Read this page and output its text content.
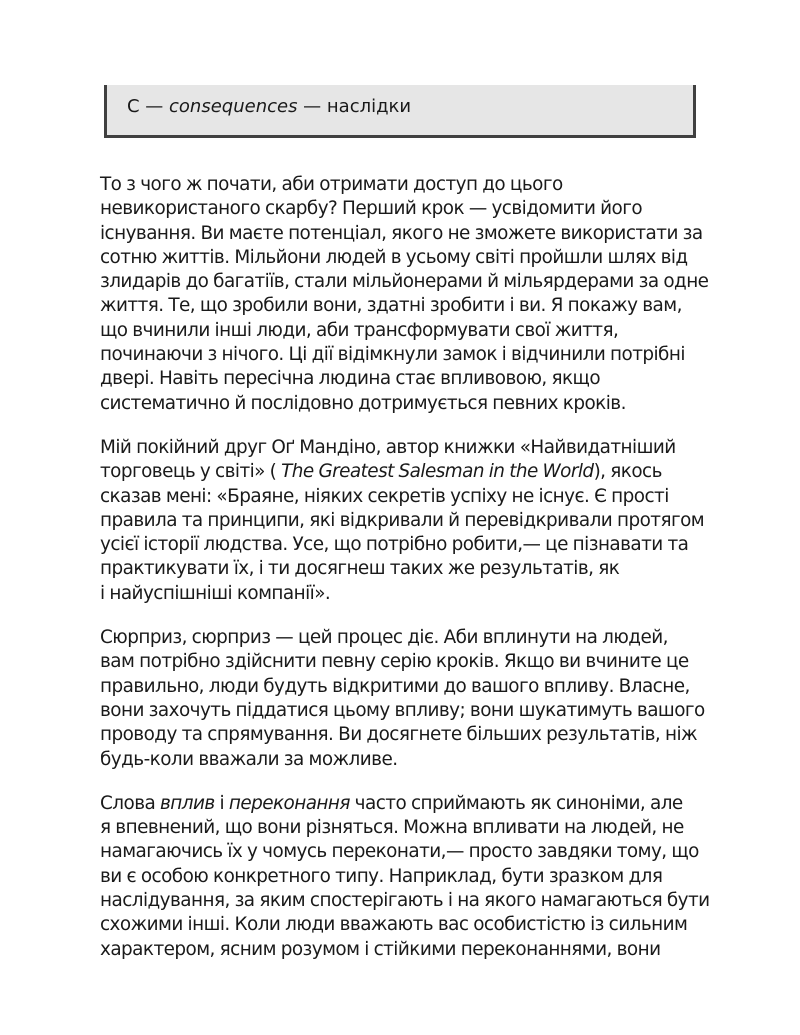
С — consequences — наслідки

То з чого ж почати, аби отримати доступ до цього
невикористаного скарбу? Перший крок — усвідомити його
існування. Ви маєте потенціал, якого не зможете використати за
сотню життів. Мільйони людей в усьому світі пройшли шлях від
злидарів до багатіїв, стали мільйонерами й мільярдерами за одне
життя. Те, що зробили вони, здатні зробити і ви. Я покажу вам,
що вчинили інші люди, аби трансформувати свої життя,
починаючи з нічого. Ці дії відімкнули замок і відчинили потрібні
двері. Навіть пересічна людина стає впливовою, якщо
систематично й послідовно дотримується певних кроків.

Мій покійний друг Оґ Мандіно, автор книжки «Найвидатніший
торговець у світі» ( The Greatest Salesman in the World), якось
сказав мені: «Браяне, ніяких секретів успіху не існує. Є прості
правила та принципи, які відкривали й перевідкривали протягом
усієї історії людства. Усе, що потрібно робити,— це пізнавати та
практикувати їх, і ти досягнеш таких же результатів, як
і найуспішніші компанії».

Сюрприз, сюрприз — цей процес діє. Аби вплинути на людей,
вам потрібно здійснити певну серію кроків. Якщо ви вчините це
правильно, люди будуть відкритими до вашого впливу. Власне,
вони захочуть піддатися цьому впливу; вони шукатимуть вашого
проводу та спрямування. Ви досягнете більших результатів, ніж
будь-коли вважали за можливе.

Слова вплив і переконання часто сприймають як синоніми, але
я впевнений, що вони різняться. Можна впливати на людей, не
намагаючись їх у чомусь переконати,— просто завдяки тому, що
ви є особою конкретного типу. Наприклад, бути зразком для
наслідування, за яким спостерігають і на якого намагаються бути
схожими інші. Коли люди вважають вас особистістю із сильним
характером, ясним розумом і стійкими переконаннями, вони
